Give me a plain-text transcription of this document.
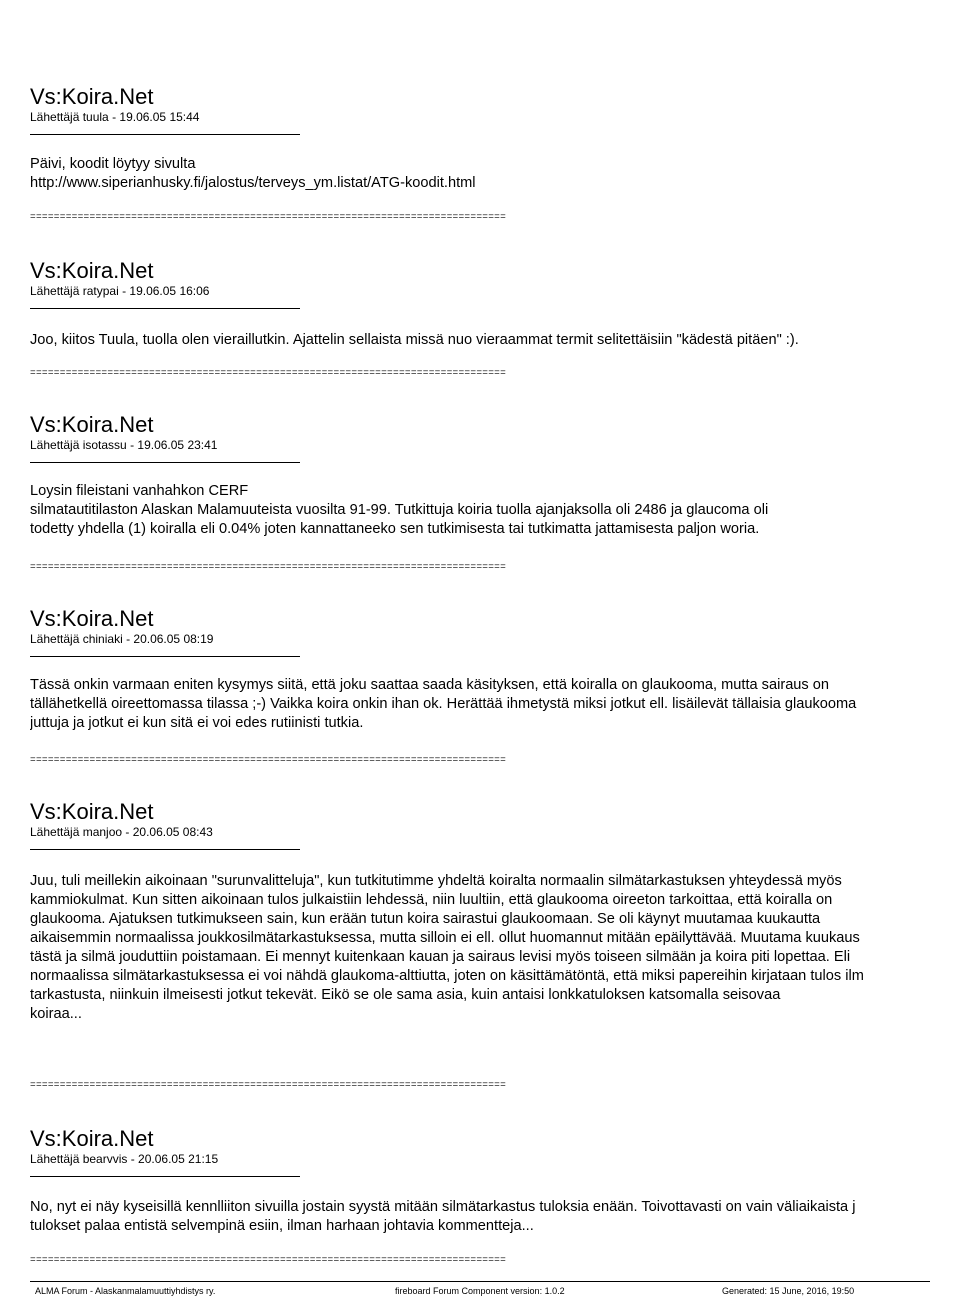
Vs:Koira.Net
Lähettäjä tuula - 19.06.05 15:44
Päivi, koodit löytyy sivulta
http://www.siperianhusky.fi/jalostus/terveys_ym.listat/ATG-koodit.html
================================================================================
Vs:Koira.Net
Lähettäjä ratypai - 19.06.05 16:06
Joo, kiitos Tuula, tuolla olen vieraillutkin. Ajattelin sellaista missä nuo vieraammat termit selitettäisiin "kädestä pitäen" :).
================================================================================
Vs:Koira.Net
Lähettäjä isotassu - 19.06.05 23:41
Loysin fileistani vanhahkon CERF
silmatautitilaston Alaskan Malamuuteista vuosilta 91-99. Tutkittuja koiria tuolla ajanjaksolla oli 2486 ja glaucoma oli
todetty yhdella (1) koiralla eli 0.04% joten kannattaneeko sen tutkimisesta tai tutkimatta jattamisesta paljon woria.
================================================================================
Vs:Koira.Net
Lähettäjä chiniaki - 20.06.05 08:19
Tässä onkin varmaan eniten kysymys siitä, että joku saattaa saada käsityksen, että koiralla on glaukooma, mutta sairaus on
tällähetkellä oireettomassa tilassa ;-) Vaikka koira onkin ihan ok. Herättää ihmetystä miksi jotkut ell. lisäilevät tällaisia glaukooma
juttuja ja jotkut ei kun sitä ei voi edes rutiinisti tutkia.
================================================================================
Vs:Koira.Net
Lähettäjä manjoo - 20.06.05 08:43
Juu, tuli meillekin aikoinaan "surunvalitteluja", kun tutkitutimme yhdeltä koiralta normaalin silmätarkastuksen yhteydessä myös
kammiokulmat. Kun sitten aikoinaan tulos julkaistiin lehdessä, niin luultiin, että glaukooma oireeton tarkoittaa, että koiralla on
glaukooma. Ajatuksen tutkimukseen sain, kun erään tutun koira sairastui glaukoomaan. Se oli käynyt muutamaa kuukautta
aikaisemmin normaalissa joukkosilmätarkastuksessa, mutta silloin ei ell. ollut huomannut mitään epäilyttävää. Muutama kuukaus
tästä ja silmä jouduttiin poistamaan. Ei mennyt kuitenkaan kauan ja sairaus levisi myös toiseen silmään ja koira piti lopettaa. Eli
normaalissa silmätarkastuksessa ei voi nähdä glaukoma-alttiutta, joten on käsittämätöntä, että miksi papereihin kirjataan tulos ilm
tarkastusta, niinkuin ilmeisesti jotkut tekevät. Eikö se ole sama asia, kuin antaisi lonkkatuloksen katsomalla seisovaa
koiraa...
================================================================================
Vs:Koira.Net
Lähettäjä bearvvis - 20.06.05 21:15
No, nyt ei näy kyseisillä kennlliiton sivuilla jostain syystä mitään silmätarkastus tuloksia enään. Toivottavasti on vain väliaikaista j
tulokset palaa entistä selvempinä esiin, ilman harhaan johtavia kommentteja...
================================================================================
ALMA Forum - Alaskanmalamuuttiyhdistys ry.	fireboard Forum Component version: 1.0.2	Generated: 15 June, 2016, 19:50
